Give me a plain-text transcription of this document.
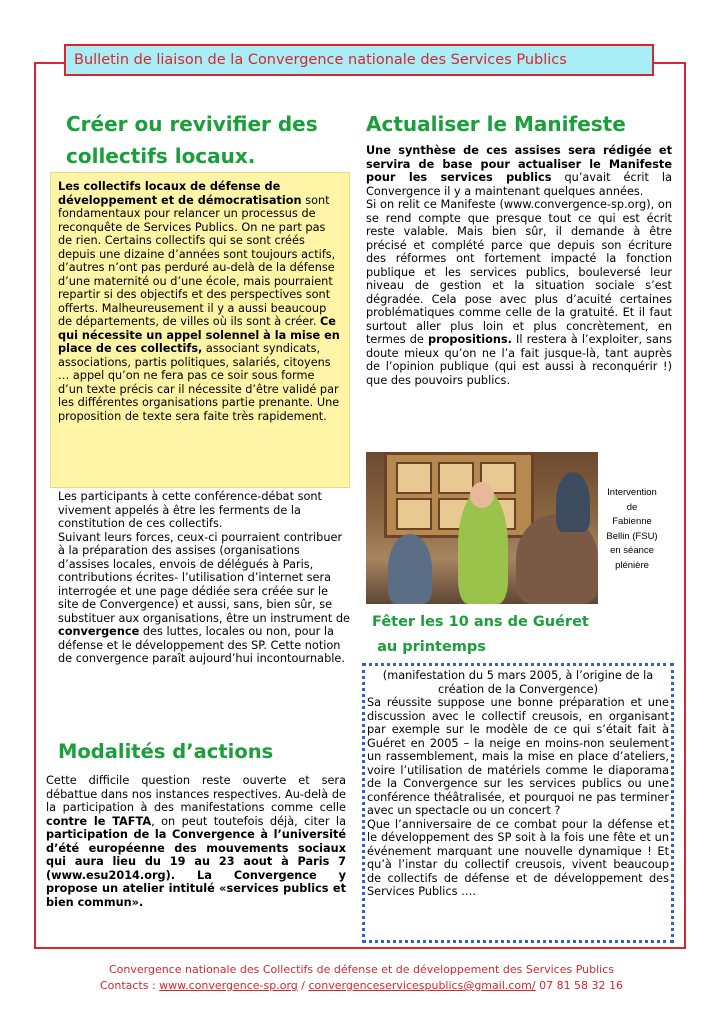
Bulletin de liaison de la Convergence nationale des Services Publics
Créer ou revivifier des
collectifs locaux.

Les collectifs locaux de défense de développement et de démocratisation sont fondamentaux pour relancer un processus de reconquête de Services Publics. On ne part pas de rien. Certains collectifs qui se sont créés depuis une dizaine d’années sont toujours actifs, d’autres n’ont pas perduré au-delà de la défense d’une maternité ou d’une école, mais pourraient repartir si des objectifs et des perspectives sont offerts. Malheureusement il y a aussi beaucoup de départements, de villes où ils sont à créer. Ce qui nécessite un appel solennel à la mise en place de ces collectifs, associant syndicats, associations, partis politiques, salariés, citoyens … appel qu’on ne fera pas ce soir sous forme d’un texte précis car il nécessite d’être validé par les différentes organisations partie prenante. Une proposition de texte sera faite très rapidement.

Les participants à cette conférence-débat sont vivement appelés à être les ferments de la constitution de ces collectifs.
Suivant leurs forces, ceux-ci pourraient contribuer à la préparation des assises (organisations d’assises locales, envois de délégués à Paris, contributions écrites- l’utilisation d’internet sera interrogée et une page dédiée sera créée sur le site de Convergence) et aussi, sans, bien sûr, se substituer aux organisations, être un instrument de convergence des luttes, locales ou non, pour la défense et le développement des SP. Cette notion de convergence paraît aujourd’hui incontournable.

Modalités d’actions

Cette difficile question reste ouverte et sera débattue dans nos instances respectives. Au-delà de la participation à des manifestations comme celle contre le TAFTA, on peut toutefois déjà, citer la participation de la Convergence à l’université d’été européenne des mouvements sociaux qui aura lieu du 19 au 23 aout à Paris 7 (www.esu2014.org). La Convergence y propose un atelier intitulé «services publics et bien commun».

Actualiser le Manifeste

Une synthèse de ces assises sera rédigée et servira de base pour actualiser le Manifeste pour les services publics qu’avait écrit la Convergence il y a maintenant quelques années.
Si on relit ce Manifeste (www.convergence-sp.org), on se rend compte que presque tout ce qui est écrit reste valable. Mais bien sûr, il demande à être précisé et complété parce que depuis son écriture des réformes ont fortement impacté la fonction publique et les services publics, bouleversé leur niveau de gestion et la situation sociale s’est dégradée. Cela pose avec plus d’acuité certaines problématiques comme celle de la gratuité. Et il faut surtout aller plus loin et plus concrètement, en termes de propositions. Il restera à l’exploiter, sans doute mieux qu’on ne l’a fait jusque-là, tant auprès de l’opinion publique (qui est aussi à reconquérir !) que des pouvoirs publics.

Intervention
de
Fabienne
Bellin (FSU)
en séance
plénière
Fêter les 10 ans de Guéret
au printemps

(manifestation du 5 mars 2005, à l’origine de la création de la Convergence)
Sa réussite suppose une bonne préparation et une discussion avec le collectif creusois, en organisant par exemple sur le modèle de ce qui s’était fait à Guéret en 2005 – la neige en moins-non seulement un rassemblement, mais la mise en place d’ateliers, voire l’utilisation de matériels comme le diaporama de la Convergence sur les services publics ou une conférence théâtralisée, et pourquoi ne pas terminer avec un spectacle ou un concert ?
Que l’anniversaire de ce combat pour la défense et le développement des SP soit à la fois une fête et un événement marquant une nouvelle dynamique ! Et qu’à l’instar du collectif creusois, vivent beaucoup de collectifs de défense et de développement des Services Publics ….

Convergence nationale des Collectifs de défense et de développement des Services Publics
Contacts : www.convergence-sp.org / convergenceservicespublics@gmail.com/ 07 81 58 32 16
